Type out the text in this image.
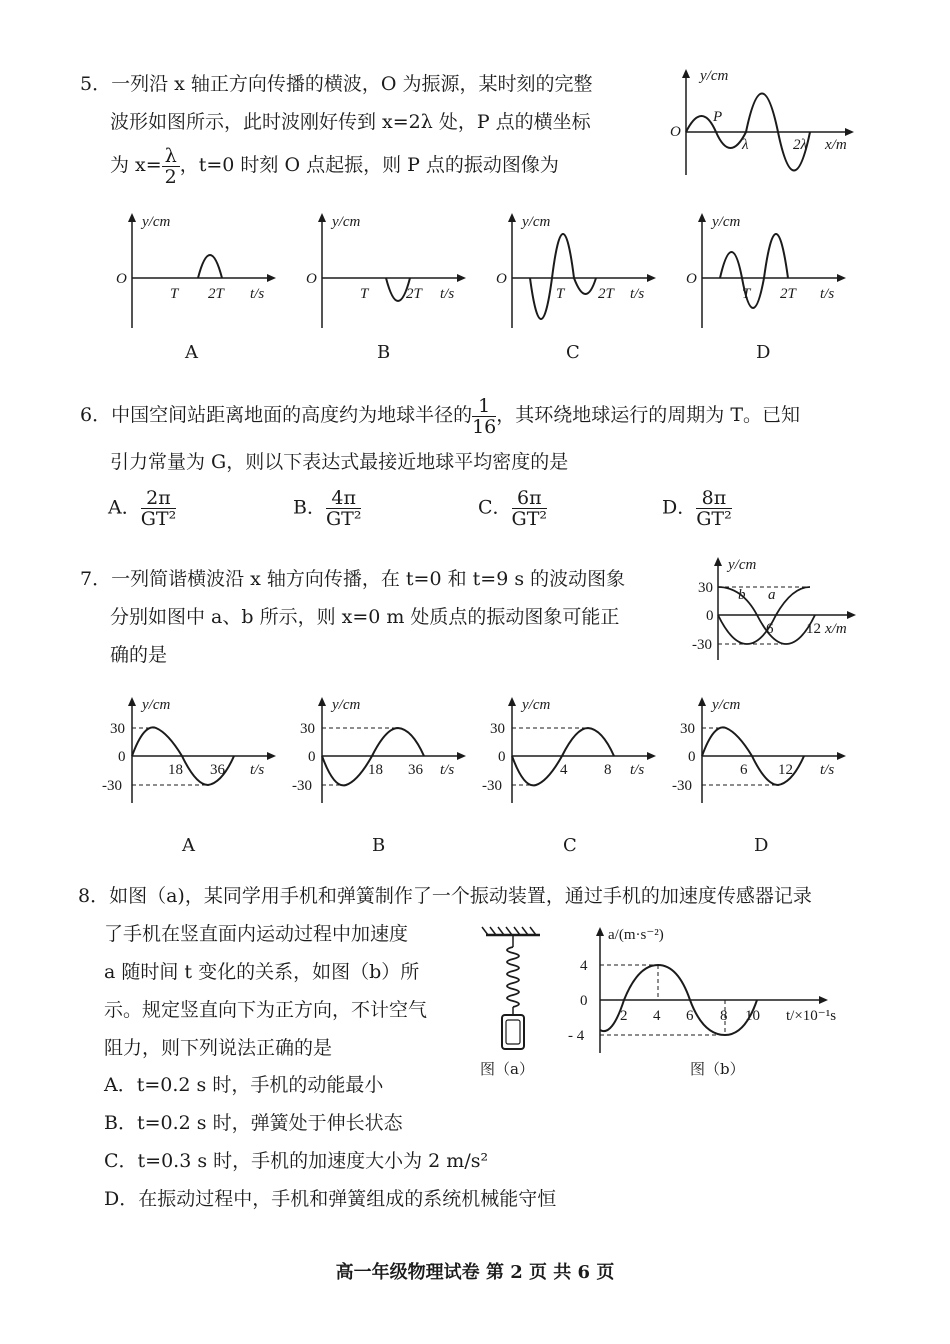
5．一列沿 x 轴正方向传播的横波，O 为振源，某时刻的完整
波形如图所示，此时波刚好传到 x=2λ 处，P 点的横坐标
为 $x= \frac{\lambda}{2}$ ，t=0 时刻 O 点起振，则 P 点的振动图像为
y/cm
O
P
λ	2λ x/m
y/cm
O
T 2T t/s
y/cm
O
T	2T t/s
y/cm
O
T 2T t/s
y/cm
O
T 2T t/s
A	B	C	D
6．中国空间站距离地面的高度约为地球半径的 $\frac{1}{16}$ ，其环绕地球运行的周期为 T。已知
引力常量为 G，则以下表达式最接近地球平均密度的是
A． $\frac{2\pi}{\text{GT²}}$	B． $\frac{4\pi}{\text{GT²}}$	C． $\frac{6\pi}{\text{GT²}}$	D． $\frac{8\pi}{\text{GT²}}$
7．一列简谐横波沿 x 轴方向传播，在 t=0 和 t=9 s 的波动图象
分别如图中 a、b 所示，则 x=0 m 处质点的振动图象可能正
确的是
y/cm
30
0
-30
b a
6 12 x/m
y/cm
30
0
-30
18 36 t/s
y/cm
30
0
-30
18 36 t/s
y/cm
30
0
-30
4 8 t/s
y/cm
30
0
-30
6 12 t/s
A	B	C	D
8．如图（a)，某同学用手机和弹簧制作了一个振动装置，通过手机的加速度传感器记录
了手机在竖直面内运动过程中加速度
a 随时间 t 变化的关系，如图（b）所
示。规定竖直向下为正方向，不计空气
阻力，则下列说法正确的是
图（a）
a/(m·s⁻²)
4
0
- 4
2 4 6 8 10 t/×10⁻¹s
图（b）
A．t=0.2 s 时，手机的动能最小
B．t=0.2 s 时，弹簧处于伸长状态
C．t=0.3 s 时，手机的加速度大小为 2 m/s²
D．在振动过程中，手机和弹簧组成的系统机械能守恒
高一年级物理试卷 第 2 页 共 6 页
